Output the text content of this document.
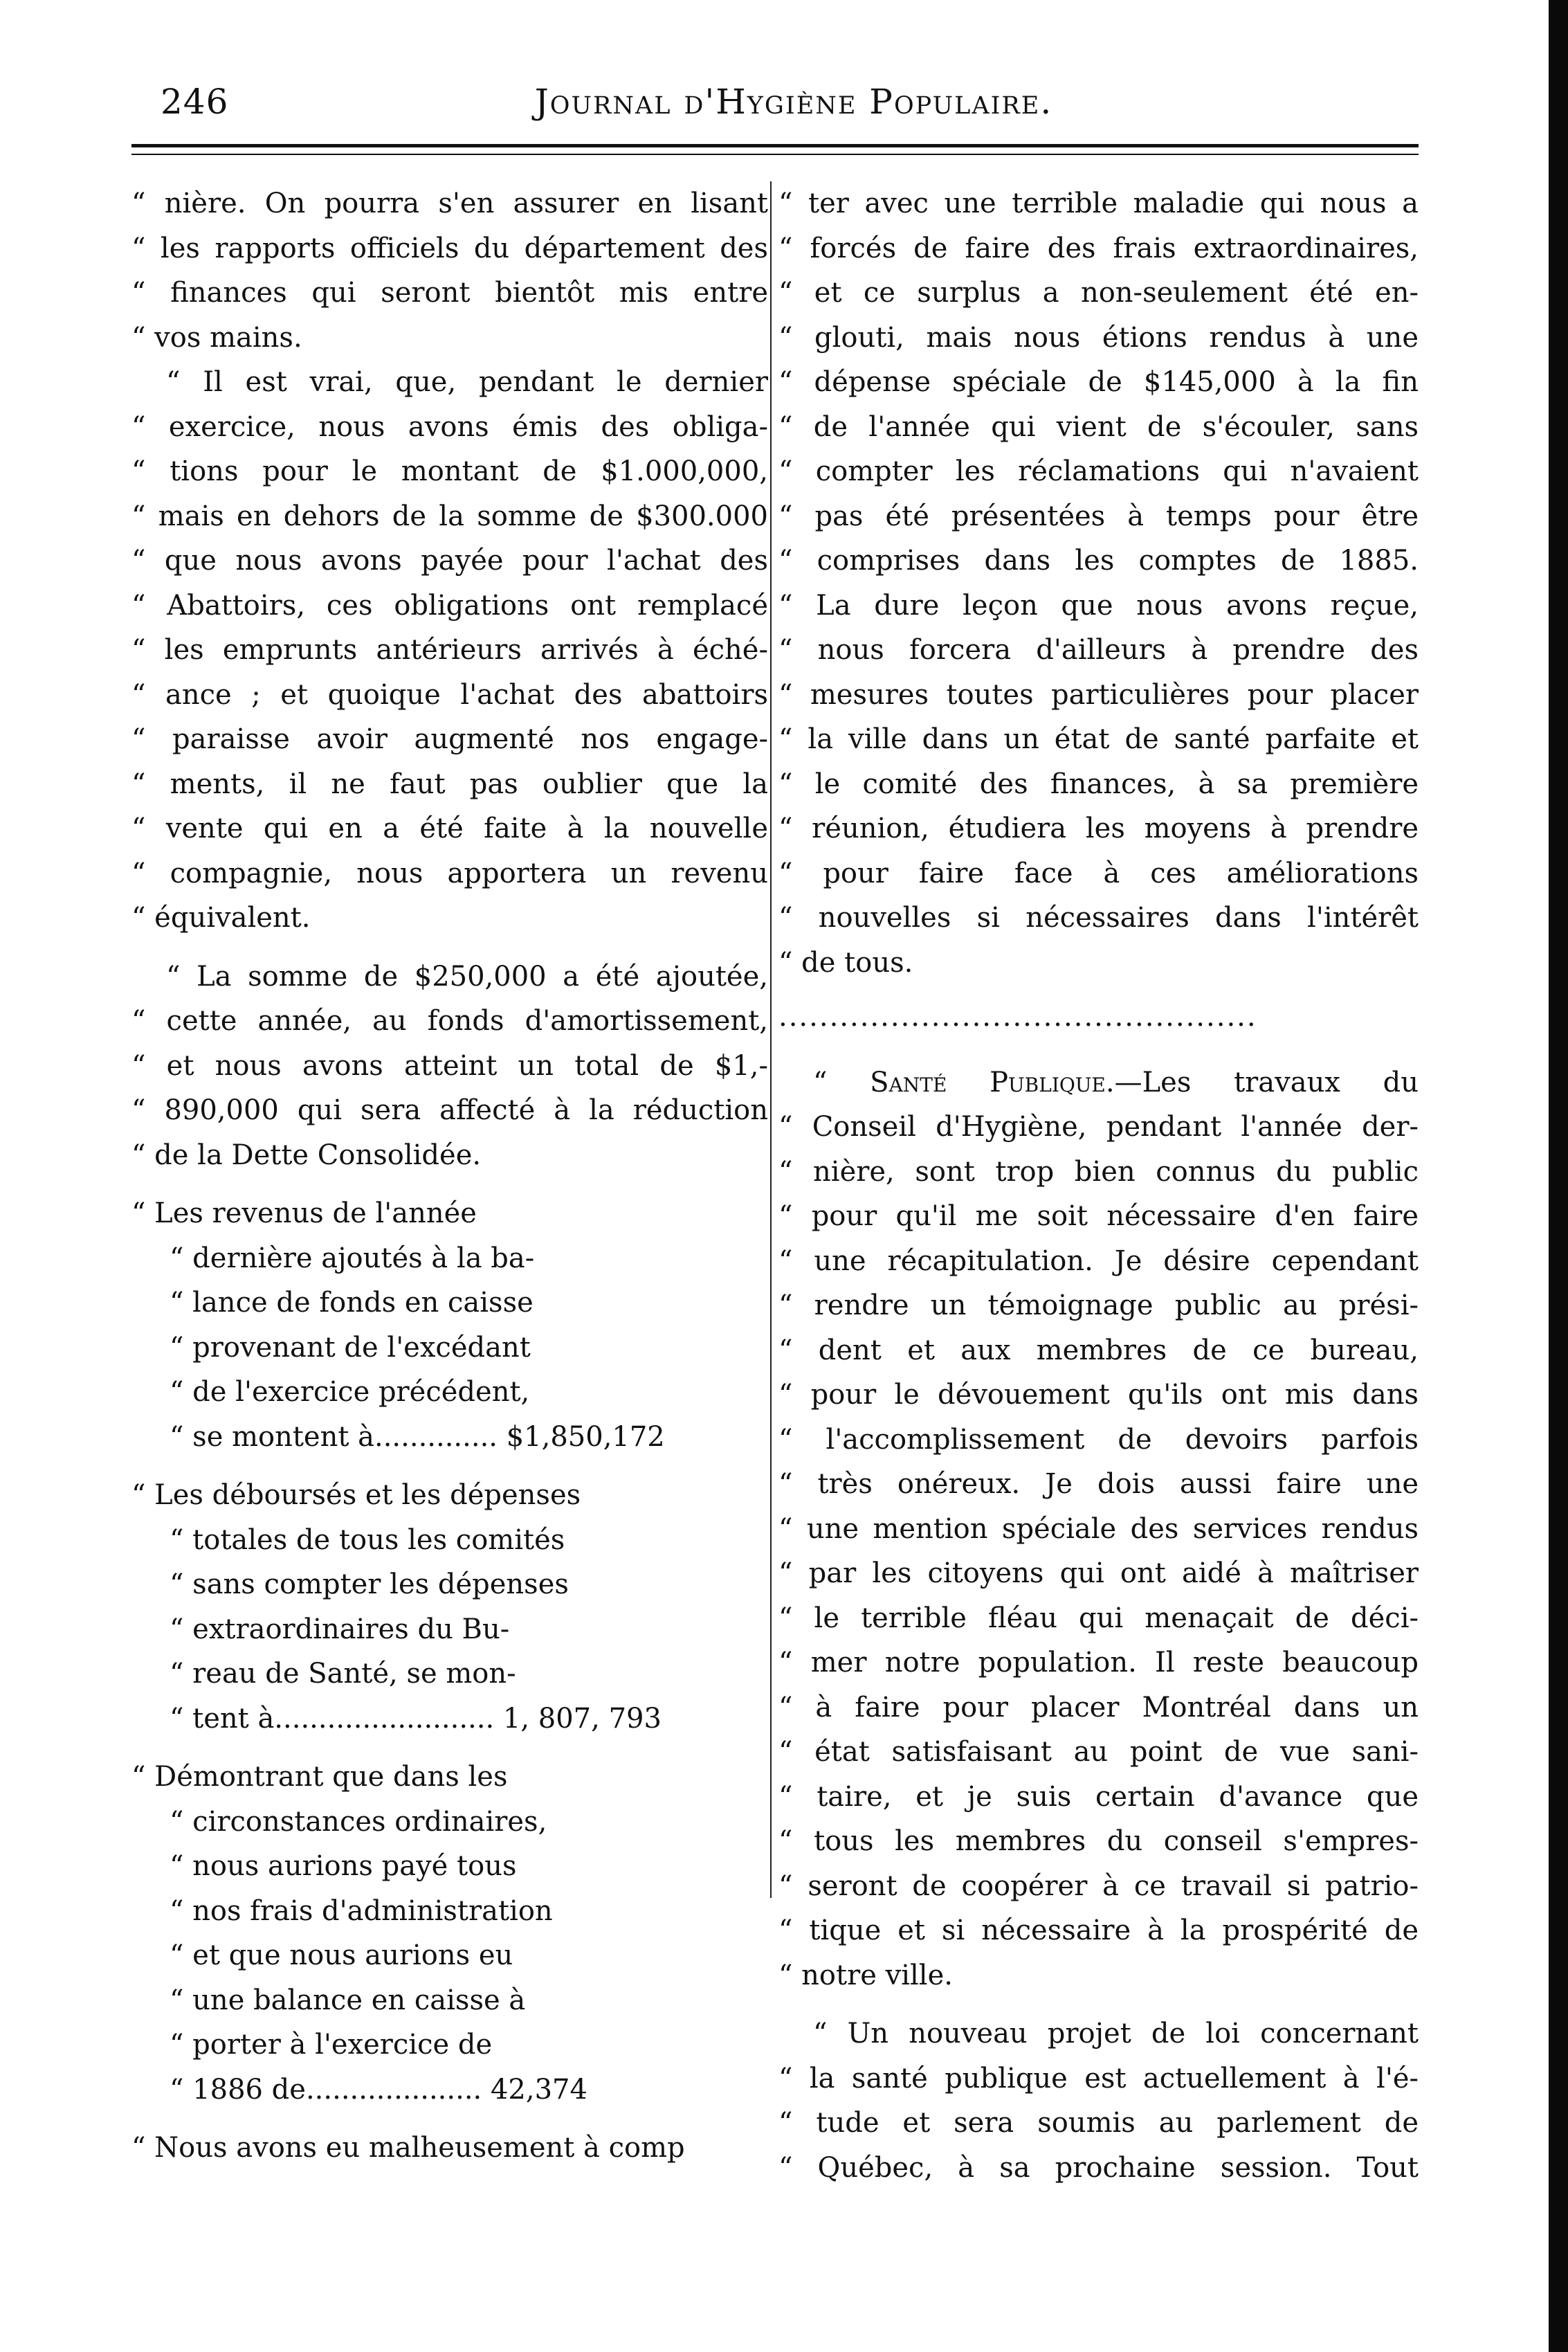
246	Journal d'Hygiène Populaire.
“ nière. On pourra s'en assurer en lisant
“ les rapports officiels du département des
“ finances qui seront bientôt mis entre
“ vos mains.
“ Il est vrai, que, pendant le dernier
“ exercice, nous avons émis des obliga-
“ tions pour le montant de $1.000,000,
“ mais en dehors de la somme de $300.000
“ que nous avons payée pour l'achat des
“ Abattoirs, ces obligations ont remplacé
“ les emprunts antérieurs arrivés à éché-
“ ance ; et quoique l'achat des abattoirs
“ paraisse avoir augmenté nos engage-
“ ments, il ne faut pas oublier que la
“ vente qui en a été faite à la nouvelle
“ compagnie, nous apportera un revenu
“ équivalent.
“ La somme de $250,000 a été ajoutée,
“ cette année, au fonds d'amortissement,
“ et nous avons atteint un total de $1,-
“ 890,000 qui sera affecté à la réduction
“ de la Dette Consolidée.
“ Les revenus de l'année
“ dernière ajoutés à la ba-
“ lance de fonds en caisse
“ provenant de l'excédant
“ de l'exercice précédent,
“ se montent à.............. $1,850,172
“ Les déboursés et les dépenses
“ totales de tous les comités
“ sans compter les dépenses
“ extraordinaires du Bu-
“ reau de Santé, se mon-
“ tent à......................... 1, 807, 793
“ Démontrant que dans les
“ circonstances ordinaires,
“ nous aurions payé tous
“ nos frais d'administration
“ et que nous aurions eu
“ une balance en caisse à
“ porter à l'exercice de
“ 1886 de.................... 42,374
“ Nous avons eu malheusement à comp
“ ter avec une terrible maladie qui nous a
“ forcés de faire des frais extraordinaires,
“ et ce surplus a non-seulement été en-
“ glouti, mais nous étions rendus à une
“ dépense spéciale de $145,000 à la fin
“ de l'année qui vient de s'écouler, sans
“ compter les réclamations qui n'avaient
“ pas été présentées à temps pour être
“ comprises dans les comptes de 1885.
“ La dure leçon que nous avons reçue,
“ nous forcera d'ailleurs à prendre des
“ mesures toutes particulières pour placer
“ la ville dans un état de santé parfaite et
“ le comité des finances, à sa première
“ réunion, étudiera les moyens à prendre
“ pour faire face à ces améliorations
“ nouvelles si nécessaires dans l'intérêt
“ de tous.
...............................................
“ Santé Publique.—Les travaux du
“ Conseil d'Hygiène, pendant l'année der-
“ nière, sont trop bien connus du public
“ pour qu'il me soit nécessaire d'en faire
“ une récapitulation. Je désire cependant
“ rendre un témoignage public au prési-
“ dent et aux membres de ce bureau,
“ pour le dévouement qu'ils ont mis dans
“ l'accomplissement de devoirs parfois
“ très onéreux. Je dois aussi faire une
“ une mention spéciale des services rendus
“ par les citoyens qui ont aidé à maîtriser
“ le terrible fléau qui menaçait de déci-
“ mer notre population. Il reste beaucoup
“ à faire pour placer Montréal dans un
“ état satisfaisant au point de vue sani-
“ taire, et je suis certain d'avance que
“ tous les membres du conseil s'empres-
“ seront de coopérer à ce travail si patrio-
“ tique et si nécessaire à la prospérité de
“ notre ville.
“ Un nouveau projet de loi concernant
“ la santé publique est actuellement à l'é-
“ tude et sera soumis au parlement de
“ Québec, à sa prochaine session. Tout
